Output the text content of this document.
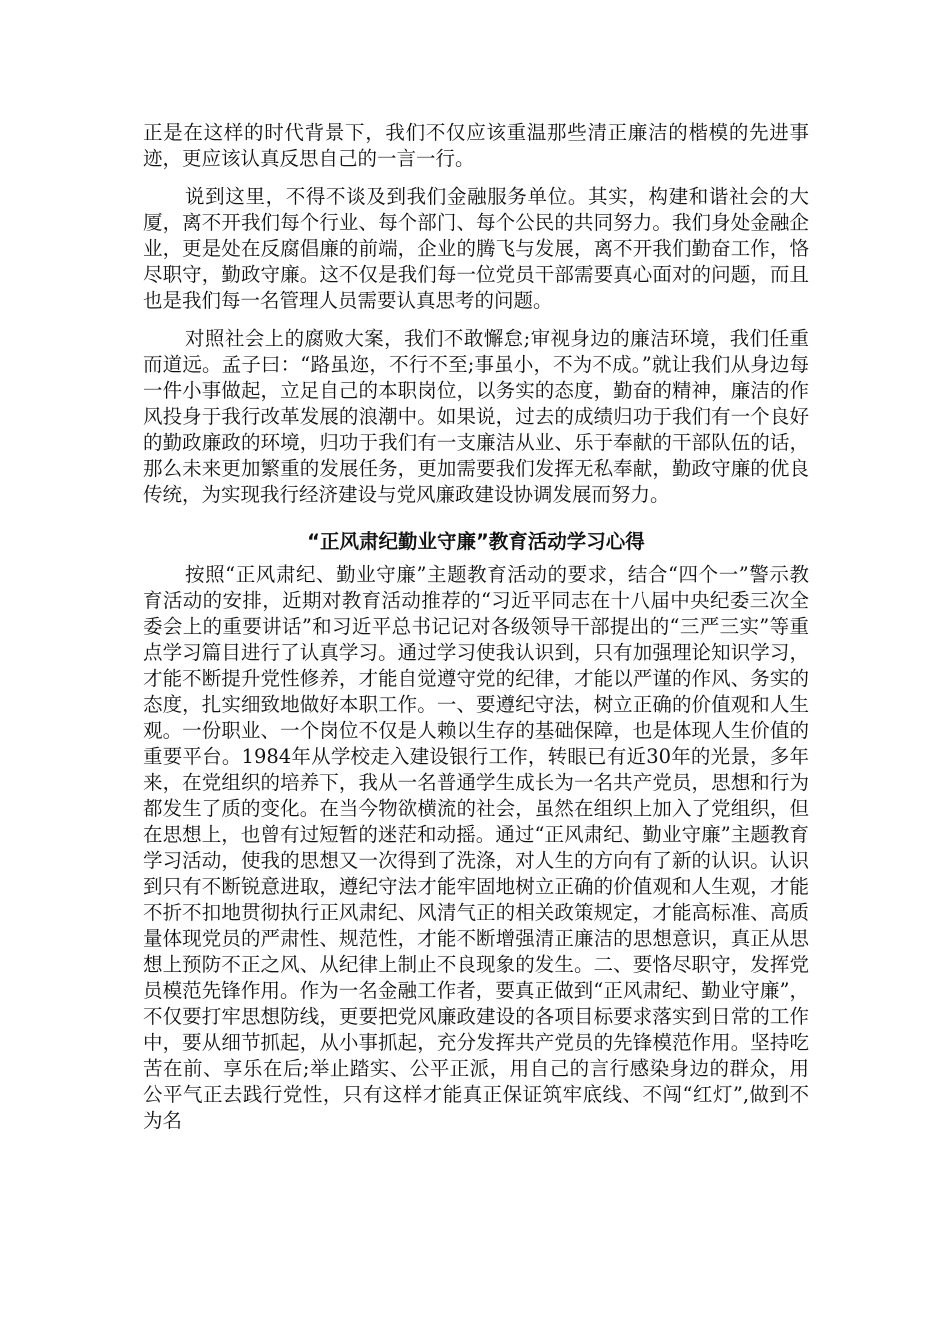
正是在这样的时代背景下，我们不仅应该重温那些清正廉洁的楷模的先进事迹，更应该认真反思自己的一言一行。

说到这里，不得不谈及到我们金融服务单位。其实，构建和谐社会的大厦，离不开我们每个行业、每个部门、每个公民的共同努力。我们身处金融企业，更是处在反腐倡廉的前端，企业的腾飞与发展，离不开我们勤奋工作，恪尽职守，勤政守廉。这不仅是我们每一位党员干部需要真心面对的问题，而且也是我们每一名管理人员需要认真思考的问题。

对照社会上的腐败大案，我们不敢懈怠;审视身边的廉洁环境，我们任重而道远。孟子曰：“路虽迩，不行不至;事虽小，不为不成。”就让我们从身边每一件小事做起，立足自己的本职岗位，以务实的态度，勤奋的精神，廉洁的作风投身于我行改革发展的浪潮中。如果说，过去的成绩归功于我们有一个良好的勤政廉政的环境，归功于我们有一支廉洁从业、乐于奉献的干部队伍的话，那么未来更加繁重的发展任务，更加需要我们发挥无私奉献，勤政守廉的优良传统，为实现我行经济建设与党风廉政建设协调发展而努力。

“正风肃纪勤业守廉”教育活动学习心得

按照“正风肃纪、勤业守廉”主题教育活动的要求，结合“四个一”警示教育活动的安排，近期对教育活动推荐的“习近平同志在十八届中央纪委三次全委会上的重要讲话”和习近平总书记记对各级领导干部提出的“三严三实”等重点学习篇目进行了认真学习。通过学习使我认识到，只有加强理论知识学习，才能不断提升党性修养，才能自觉遵守党的纪律，才能以严谨的作风、务实的态度，扎实细致地做好本职工作。一、要遵纪守法，树立正确的价值观和人生观。一份职业、一个岗位不仅是人赖以生存的基础保障，也是体现人生价值的重要平台。1984年从学校走入建设银行工作，转眼已有近30年的光景，多年来，在党组织的培养下，我从一名普通学生成长为一名共产党员，思想和行为都发生了质的变化。在当今物欲横流的社会，虽然在组织上加入了党组织，但在思想上，也曾有过短暂的迷茫和动摇。通过“正风肃纪、勤业守廉”主题教育学习活动，使我的思想又一次得到了洗涤，对人生的方向有了新的认识。认识到只有不断锐意进取，遵纪守法才能牢固地树立正确的价值观和人生观，才能不折不扣地贯彻执行正风肃纪、风清气正的相关政策规定，才能高标准、高质量体现党员的严肃性、规范性，才能不断增强清正廉洁的思想意识，真正从思想上预防不正之风、从纪律上制止不良现象的发生。二、要恪尽职守，发挥党员模范先锋作用。作为一名金融工作者，要真正做到“正风肃纪、勤业守廉”，不仅要打牢思想防线，更要把党风廉政建设的各项目标要求落实到日常的工作中，要从细节抓起，从小事抓起，充分发挥共产党员的先锋模范作用。坚持吃苦在前、享乐在后;举止踏实、公平正派，用自己的言行感染身边的群众，用公平气正去践行党性，只有这样才能真正保证筑牢底线、不闯“红灯”,做到不为名
